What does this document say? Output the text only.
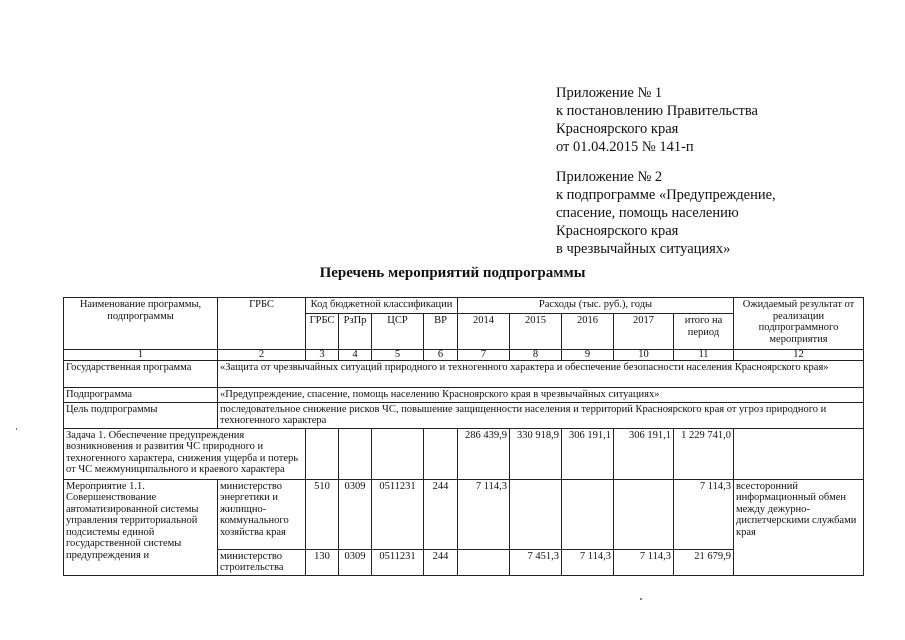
Приложение № 1
к постановлению Правительства
Красноярского края
от 01.04.2015 № 141-п
Приложение № 2
к подпрограмме «Предупреждение,
спасение, помощь населению
Красноярского края
в чрезвычайных ситуациях»
Перечень мероприятий подпрограммы
Наименование программы, подпрограммы	ГРБС	Код бюджетной классификации				Расходы (тыс. руб.), годы					Ожидаемый результат от реализации подпрограммного мероприятия
		ГРБС	РзПр	ЦСР	ВР	2014	2015	2016	2017	итого на период	
1	2	3	4	5	6	7	8	9	10	11	12
Государственная программа	«Защита от чрезвычайных ситуаций природного и техногенного характера и обеспечение безопасности населения Красноярского края»										
Подпрограмма	«Предупреждение, спасение, помощь населению Красноярского края в чрезвычайных ситуациях»										
Цель подпрограммы	последовательное снижение рисков ЧС, повышение защищенности населения и территорий Красноярского края от угроз природного и техногенного характера										
Задача 1. Обеспечение предупреждения возникновения и развития ЧС природного и техногенного характера, снижения ущерба и потерь от ЧС межмуниципального и краевого характера						286 439,9	330 918,9	306 191,1	306 191,1	1 229 741,0	
Мероприятие 1.1. Совершенствование автоматизированной системы управления территориальной подсистемы единой государственной системы предупреждения и	министерство энергетики и жилищно-коммунального хозяйства края	510	0309	0511231	244	7 114,3				7 114,3	всесторонний информационный обмен между дежурно-диспетчерскими службами края
	министерство строительства	130	0309	0511231	244		7 451,3	7 114,3	7 114,3	21 679,9	
